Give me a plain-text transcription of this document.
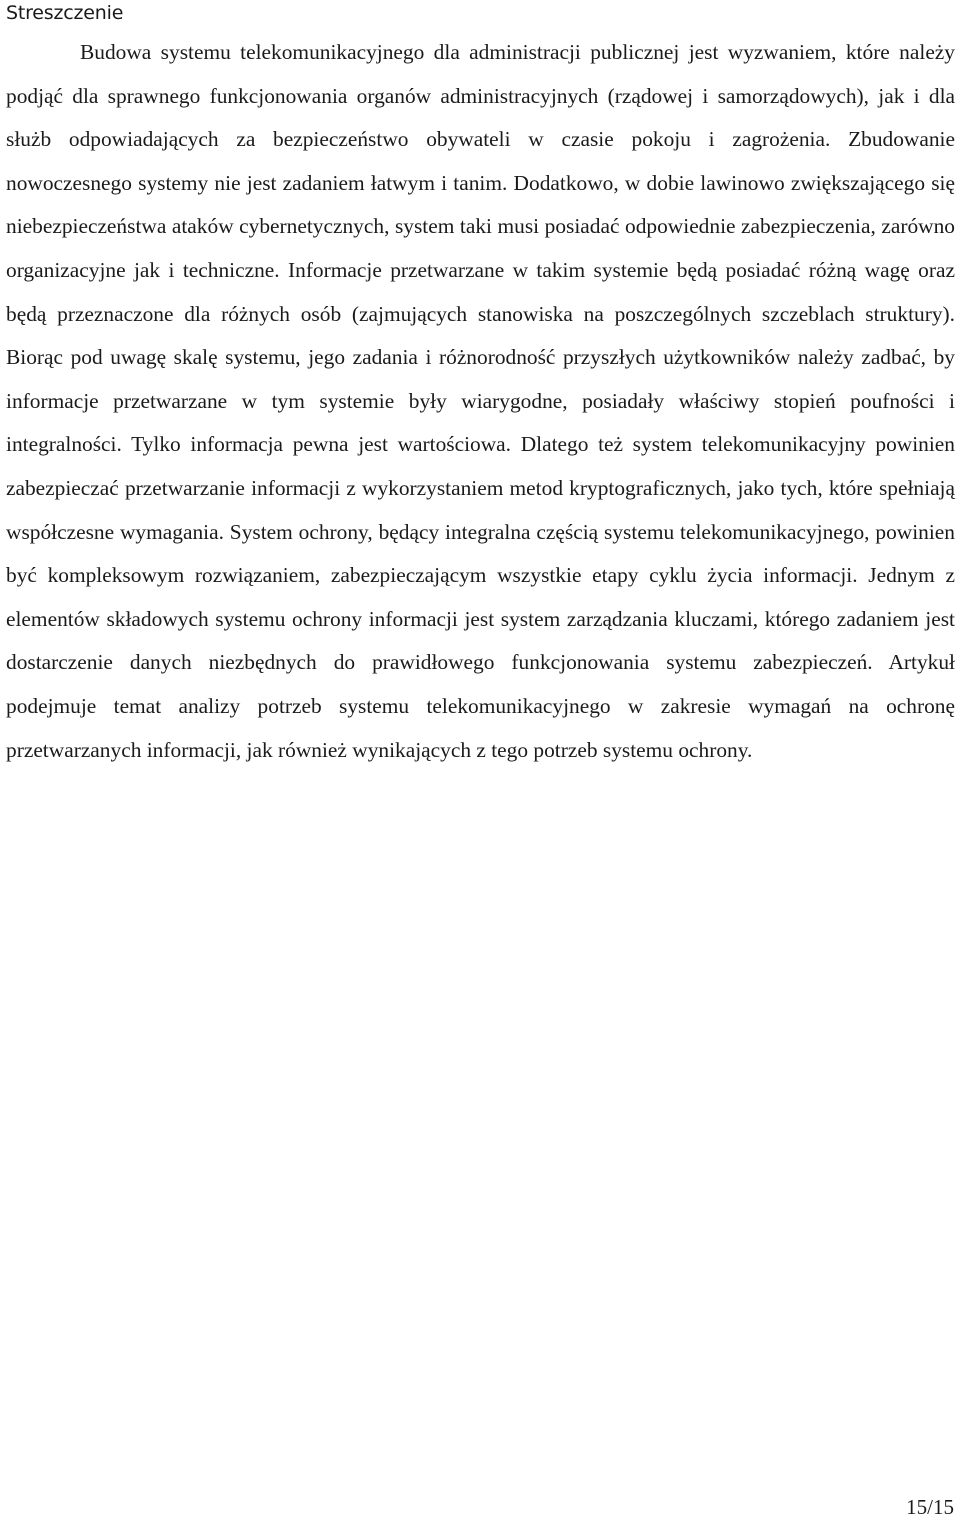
Streszczenie

Budowa systemu telekomunikacyjnego dla administracji publicznej jest wyzwaniem, które należy podjąć dla sprawnego funkcjonowania organów administracyjnych (rządowej i samorządowych), jak i dla służb odpowiadających za bezpieczeństwo obywateli w czasie pokoju i zagrożenia. Zbudowanie nowoczesnego systemy nie jest zadaniem łatwym i tanim. Dodatkowo, w dobie lawinowo zwiększającego się niebezpieczeństwa ataków cybernetycznych, system taki musi posiadać odpowiednie zabezpieczenia, zarówno organizacyjne jak i techniczne. Informacje przetwarzane w takim systemie będą posiadać różną wagę oraz będą przeznaczone dla różnych osób (zajmujących stanowiska na poszczególnych szczeblach struktury). Biorąc pod uwagę skalę systemu, jego zadania i różnorodność przyszłych użytkowników należy zadbać, by informacje przetwarzane w tym systemie były wiarygodne, posiadały właściwy stopień poufności i integralności. Tylko informacja pewna jest wartościowa. Dlatego też system telekomunikacyjny powinien zabezpieczać przetwarzanie informacji z wykorzystaniem metod kryptograficznych, jako tych, które spełniają współczesne wymagania. System ochrony, będący integralna częścią systemu telekomunikacyjnego, powinien być kompleksowym rozwiązaniem, zabezpieczającym wszystkie etapy cyklu życia informacji. Jednym z elementów składowych systemu ochrony informacji jest system zarządzania kluczami, którego zadaniem jest dostarczenie danych niezbędnych do prawidłowego funkcjonowania systemu zabezpieczeń. Artykuł podejmuje temat analizy potrzeb systemu telekomunikacyjnego w zakresie wymagań na ochronę przetwarzanych informacji, jak również wynikających z tego potrzeb systemu ochrony.

15/15
